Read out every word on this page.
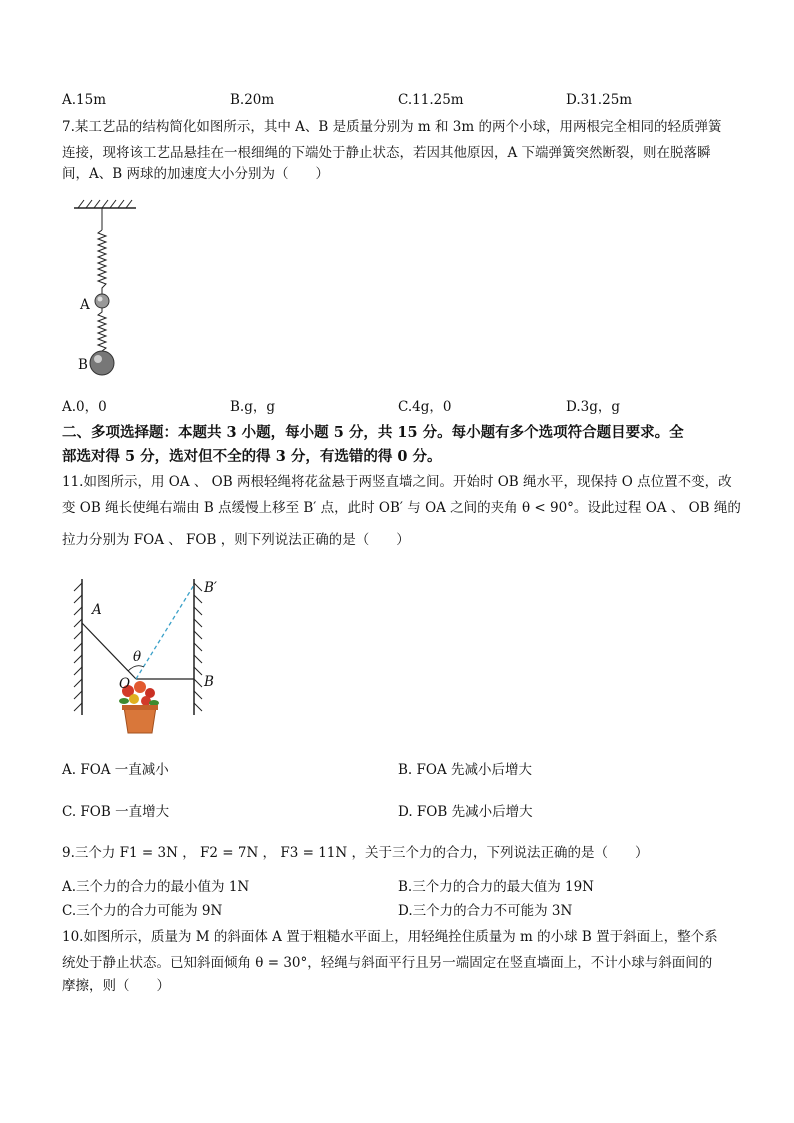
A.15m	B.20m	C.11.25m	D.31.25m
7.某工艺品的结构简化如图所示，其中 A、B 是质量分别为 m 和 3m 的两个小球，用两根完全相同的轻质弹簧
连接，现将该工艺品悬挂在一根细绳的下端处于静止状态，若因其他原因，A 下端弹簧突然断裂，则在脱落瞬
间，A、B 两球的加速度大小分别为（　　）
A
B
A.0，0	B.g，g	C.4g，0	D.3g，g
二、多项选择题：本题共 3 小题，每小题 5 分，共 15 分。每小题有多个选项符合题目要求。全
部选对得 5 分，选对但不全的得 3 分，有选错的得 0 分。
11.如图所示，用 OA 、 OB 两根轻绳将花盆悬于两竖直墙之间。开始时 OB 绳水平，现保持 O 点位置不变，改
变 OB 绳长使绳右端由 B 点缓慢上移至 B′ 点，此时 OB′ 与 OA 之间的夹角 θ < 90°。设此过程 OA 、 OB 绳的
拉力分别为 FOA 、 FOB ，则下列说法正确的是（　　）
A
B′
B
O
θ
A. FOA 一直减小	B. FOA 先减小后增大
C. FOB 一直增大	D. FOB 先减小后增大
9.三个力 F1 = 3N ， F2 = 7N ， F3 = 11N ，关于三个力的合力，下列说法正确的是（　　）
A.三个力的合力的最小值为 1N	B.三个力的合力的最大值为 19N
C.三个力的合力可能为 9N	D.三个力的合力不可能为 3N
10.如图所示，质量为 M 的斜面体 A 置于粗糙水平面上，用轻绳拴住质量为 m 的小球 B 置于斜面上，整个系
统处于静止状态。已知斜面倾角 θ = 30°，轻绳与斜面平行且另一端固定在竖直墙面上，不计小球与斜面间的
摩擦，则（　　）
